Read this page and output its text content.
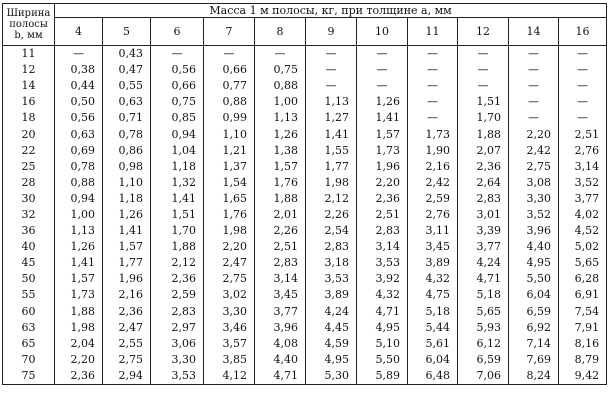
Ширина
полосы
b, мм	Масса 1 м полосы, кг, при толщине a, мм										
	4	5	6	7	8	9	10	11	12	14	16
11	—	0,43	—	—	—	—	—	—	—	—	—
12	0,38	0,47	0,56	0,66	0,75	—	—	—	—	—	—
14	0,44	0,55	0,66	0,77	0,88	—	—	—	—	—	—
16	0,50	0,63	0,75	0,88	1,00	1,13	1,26	—	1,51	—	—
18	0,56	0,71	0,85	0,99	1,13	1,27	1,41	—	1,70	—	—
20	0,63	0,78	0,94	1,10	1,26	1,41	1,57	1,73	1,88	2,20	2,51
22	0,69	0,86	1,04	1,21	1,38	1,55	1,73	1,90	2,07	2,42	2,76
25	0,78	0,98	1,18	1,37	1,57	1,77	1,96	2,16	2,36	2,75	3,14
28	0,88	1,10	1,32	1,54	1,76	1,98	2,20	2,42	2,64	3,08	3,52
30	0,94	1,18	1,41	1,65	1,88	2,12	2,36	2,59	2,83	3,30	3,77
32	1,00	1,26	1,51	1,76	2,01	2,26	2,51	2,76	3,01	3,52	4,02
36	1,13	1,41	1,70	1,98	2,26	2,54	2,83	3,11	3,39	3,96	4,52
40	1,26	1,57	1,88	2,20	2,51	2,83	3,14	3,45	3,77	4,40	5,02
45	1,41	1,77	2,12	2,47	2,83	3,18	3,53	3,89	4,24	4,95	5,65
50	1,57	1,96	2,36	2,75	3,14	3,53	3,92	4,32	4,71	5,50	6,28
55	1,73	2,16	2,59	3,02	3,45	3,89	4,32	4,75	5,18	6,04	6,91
60	1,88	2,36	2,83	3,30	3,77	4,24	4,71	5,18	5,65	6,59	7,54
63	1,98	2,47	2,97	3,46	3,96	4,45	4,95	5,44	5,93	6,92	7,91
65	2,04	2,55	3,06	3,57	4,08	4,59	5,10	5,61	6,12	7,14	8,16
70	2,20	2,75	3,30	3,85	4,40	4,95	5,50	6,04	6,59	7,69	8,79
75	2,36	2,94	3,53	4,12	4,71	5,30	5,89	6,48	7,06	8,24	9,42
